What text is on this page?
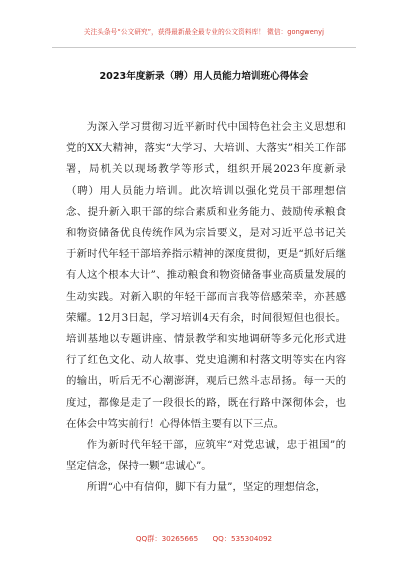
关注头条号“公文研究”，获得最新最全最专业的公文资料库！ 微信：gongwenyj
2023年度新录（聘）用人员能力培训班心得体会

为深入学习贯彻习近平新时代中国特色社会主义思想和党的XX大精神，落实“大学习、大培训、大落实”相关工作部署，局机关以现场教学等形式，组织开展2023年度新录（聘）用人员能力培训。此次培训以强化党员干部理想信念、提升新入职干部的综合素质和业务能力、鼓励传承粮食和物资储备优良传统作风为宗旨要义，是对习近平总书记关于新时代年轻干部培养指示精神的深度贯彻，更是“抓好后继有人这个根本大计”、推动粮食和物资储备事业高质量发展的生动实践。对新入职的年轻干部而言我等倍感荣幸，亦甚感荣耀。12月3日起，学习培训4天有余，时间很短但也很长。培训基地以专题讲座、情景教学和实地调研等多元化形式进行了红色文化、动人故事、党史追溯和村落文明等实在内容的输出，听后无不心潮澎湃，观后已然斗志昂扬。每一天的度过，都像是走了一段很长的路，既在行路中深彻体会，也在体会中笃实前行！心得体悟主要有以下三点。

作为新时代年轻干部，应筑牢“对党忠诚，忠于祖国”的坚定信念，保持一颗“忠诚心”。

所谓“心中有信仰，脚下有力量”，坚定的理想信念，

QQ群：30265665 QQ：535304092
